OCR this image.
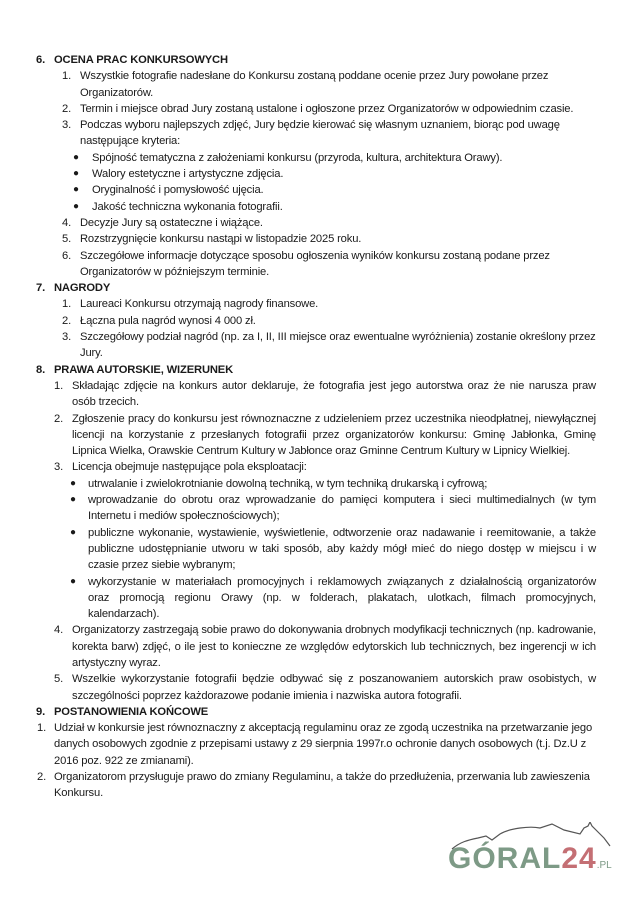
6. OCENA PRAC KONKURSOWYCH

1. Wszystkie fotografie nadesłane do Konkursu zostaną poddane ocenie przez Jury powołane przez Organizatorów.

2. Termin i miejsce obrad Jury zostaną ustalone i ogłoszone przez Organizatorów w odpowiednim czasie.

3. Podczas wyboru najlepszych zdjęć, Jury będzie kierować się własnym uznaniem, biorąc pod uwagę następujące kryteria:

● Spójność tematyczna z założeniami konkursu (przyroda, kultura, architektura Orawy).

● Walory estetyczne i artystyczne zdjęcia.

● Oryginalność i pomysłowość ujęcia.

● Jakość techniczna wykonania fotografii.

4. Decyzje Jury są ostateczne i wiążące.

5. Rozstrzygnięcie konkursu nastąpi w listopadzie 2025 roku.

6. Szczegółowe informacje dotyczące sposobu ogłoszenia wyników konkursu zostaną podane przez Organizatorów w późniejszym terminie.

7. NAGRODY

1. Laureaci Konkursu otrzymają nagrody finansowe.

2. Łączna pula nagród wynosi 4 000 zł.

3. Szczegółowy podział nagród (np. za I, II, III miejsce oraz ewentualne wyróżnienia) zostanie określony przez Jury.

8. PRAWA AUTORSKIE, WIZERUNEK

1. Składając zdjęcie na konkurs autor deklaruje, że fotografia jest jego autorstwa oraz że nie narusza praw osób trzecich.

2. Zgłoszenie pracy do konkursu jest równoznaczne z udzieleniem przez uczestnika nieodpłatnej, niewyłącznej licencji na korzystanie z przesłanych fotografii przez organizatorów konkursu: Gminę Jabłonka, Gminę Lipnica Wielka, Orawskie Centrum Kultury w Jabłonce oraz Gminne Centrum Kultury w Lipnicy Wielkiej.

3. Licencja obejmuje następujące pola eksploatacji:

● utrwalanie i zwielokrotnianie dowolną techniką, w tym techniką drukarską i cyfrową;

● wprowadzanie do obrotu oraz wprowadzanie do pamięci komputera i sieci multimedialnych (w tym Internetu i mediów społecznościowych);

● publiczne wykonanie, wystawienie, wyświetlenie, odtworzenie oraz nadawanie i reemitowanie, a także publiczne udostępnianie utworu w taki sposób, aby każdy mógł mieć do niego dostęp w miejscu i w czasie przez siebie wybranym;

● wykorzystanie w materiałach promocyjnych i reklamowych związanych z działalnością organizatorów oraz promocją regionu Orawy (np. w folderach, plakatach, ulotkach, filmach promocyjnych, kalendarzach).

4. Organizatorzy zastrzegają sobie prawo do dokonywania drobnych modyfikacji technicznych (np. kadrowanie, korekta barw) zdjęć, o ile jest to konieczne ze względów edytorskich lub technicznych, bez ingerencji w ich artystyczny wyraz.

5. Wszelkie wykorzystanie fotografii będzie odbywać się z poszanowaniem autorskich praw osobistych, w szczególności poprzez każdorazowe podanie imienia i nazwiska autora fotografii.

9. POSTANOWIENIA KOŃCOWE

1. Udział w konkursie jest równoznaczny z akceptacją regulaminu oraz ze zgodą uczestnika na przetwarzanie jego danych osobowych zgodnie z przepisami ustawy z 29 sierpnia 1997r.o ochronie danych osobowych (t.j. Dz.U z 2016 poz. 922 ze zmianami).

2. Organizatorom przysługuje prawo do zmiany Regulaminu, a także do przedłużenia, przerwania lub zawieszenia Konkursu.

GÓRAL24.PL
